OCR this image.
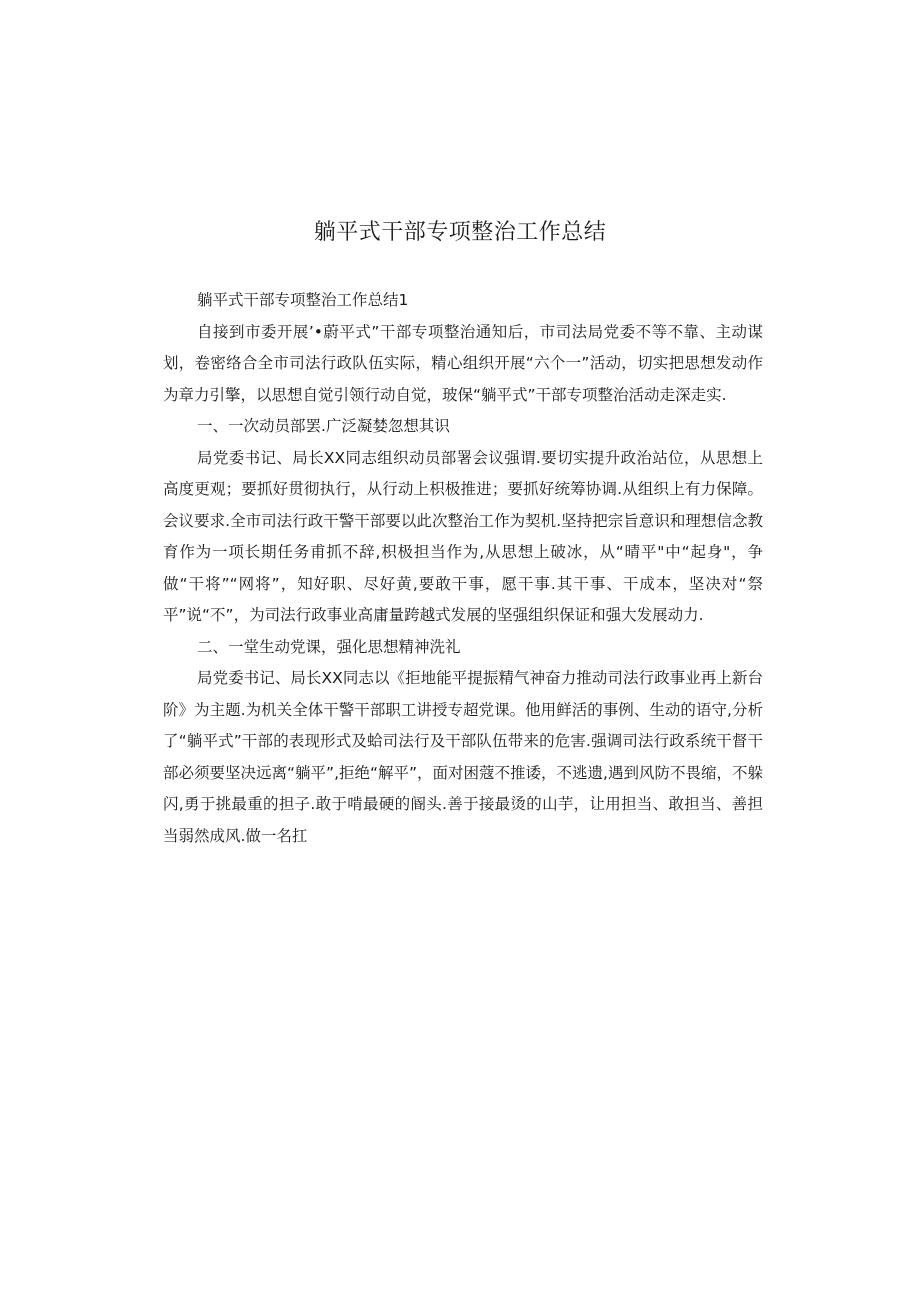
躺平式干部专项整治工作总结

躺平式干部专项整治工作总结1

自接到市委开展’•蔚平式”干部专项整治通知后，市司法局党委不等不靠、主动谋划，卷密络合全市司法行政队伍实际，精心组织开展“六个一”活动，切实把思想发动作为章力引擎，以思想自觉引领行动自觉，玻保“躺平式”干部专项整治活动走深走实.

一、一次动员部罢.广泛凝婪忽想其识

局党委书记、局长XX同志组织动员部署会议强谓.要切实提升政治站位，从思想上高度更观；要抓好贯彻执行，从行动上枳极推进；要抓好统筹协调.从组织上有力保障。会议要求.全市司法行政干警干部要以此次整治工作为契机.坚持把宗旨意识和理想信念教育作为一项长期任务甫抓不辞,枳极担当作为,从思想上破冰，从“晴平"中“起身"，争做“干将”“网将”，知好职、尽好黄,要敢干事，愿干事.其干事、干成本，坚决对“祭平”说“不”，为司法行政事业高庸量跨越式发展的坚强组织保证和强大发展动力.

二、一堂生动党课，强化思想精神洗礼

局党委书记、局长XX同志以《拒地能平提振精气神奋力推动司法行政事业再上新台阶》为主题.为机关全体干警干部职工讲授专超党课。他用鲜活的事例、生动的语守,分析了“躺平式”干部的表现形式及蛤司法行及干部队伍带来的危害.强调司法行政系统干督干部必须要坚决远离“躺平”,拒绝“解平”，面对困蔻不推诿，不逃遗,遇到风防不畏缩，不躲闪,勇于挑最重的担子.敢于啃最硬的阍头.善于接最烫的山芋，让用担当、敢担当、善担当弱然成风.做一名扛
